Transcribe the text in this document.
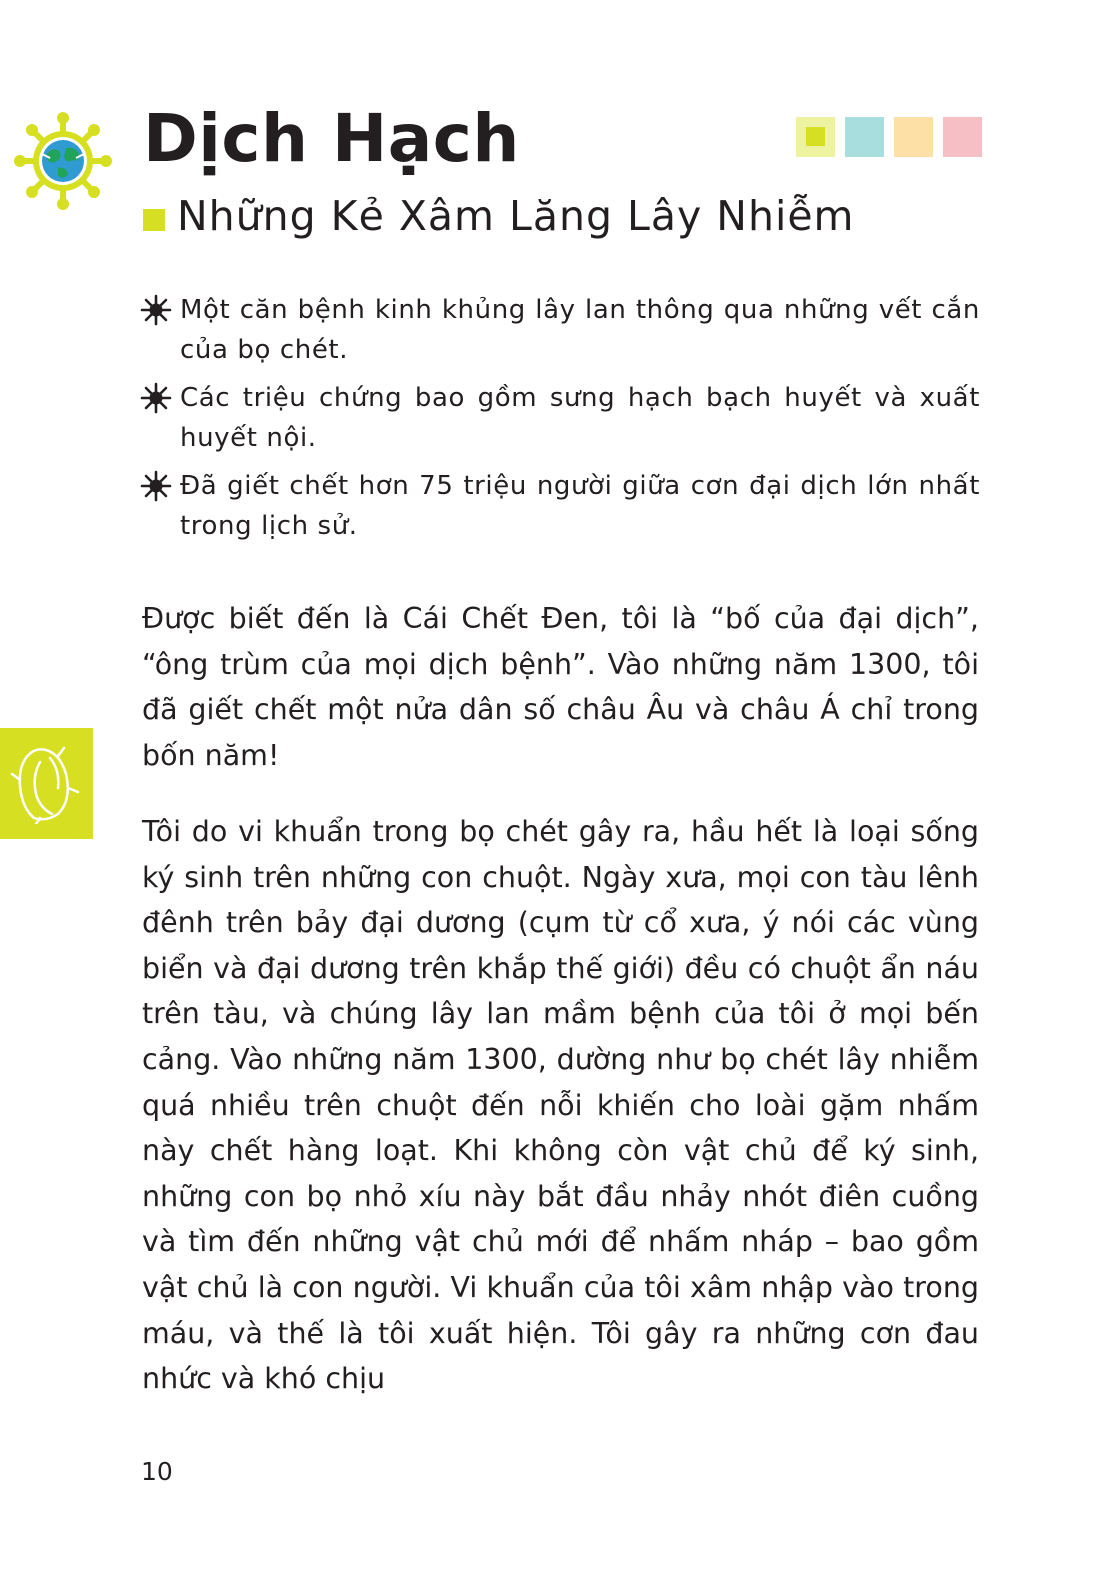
Dịch Hạch
Những Kẻ Xâm Lăng Lây Nhiễm
Một căn bệnh kinh khủng lây lan thông qua những vết cắn của bọ chét.
Các triệu chứng bao gồm sưng hạch bạch huyết và xuất huyết nội.
Đã giết chết hơn 75 triệu người giữa cơn đại dịch lớn nhất trong lịch sử.

Được biết đến là Cái Chết Đen, tôi là “bố của đại dịch”, “ông trùm của mọi dịch bệnh”. Vào những năm 1300, tôi đã giết chết một nửa dân số châu Âu và châu Á chỉ trong bốn năm!

Tôi do vi khuẩn trong bọ chét gây ra, hầu hết là loại sống ký sinh trên những con chuột. Ngày xưa, mọi con tàu lênh đênh trên bảy đại dương (cụm từ cổ xưa, ý nói các vùng biển và đại dương trên khắp thế giới) đều có chuột ẩn náu trên tàu, và chúng lây lan mầm bệnh của tôi ở mọi bến cảng. Vào những năm 1300, dường như bọ chét lây nhiễm quá nhiều trên chuột đến nỗi khiến cho loài gặm nhấm này chết hàng loạt. Khi không còn vật chủ để ký sinh, những con bọ nhỏ xíu này bắt đầu nhảy nhót điên cuồng và tìm đến những vật chủ mới để nhấm nháp – bao gồm vật chủ là con người. Vi khuẩn của tôi xâm nhập vào trong máu, và thế là tôi xuất hiện. Tôi gây ra những cơn đau nhức và khó chịu

10
